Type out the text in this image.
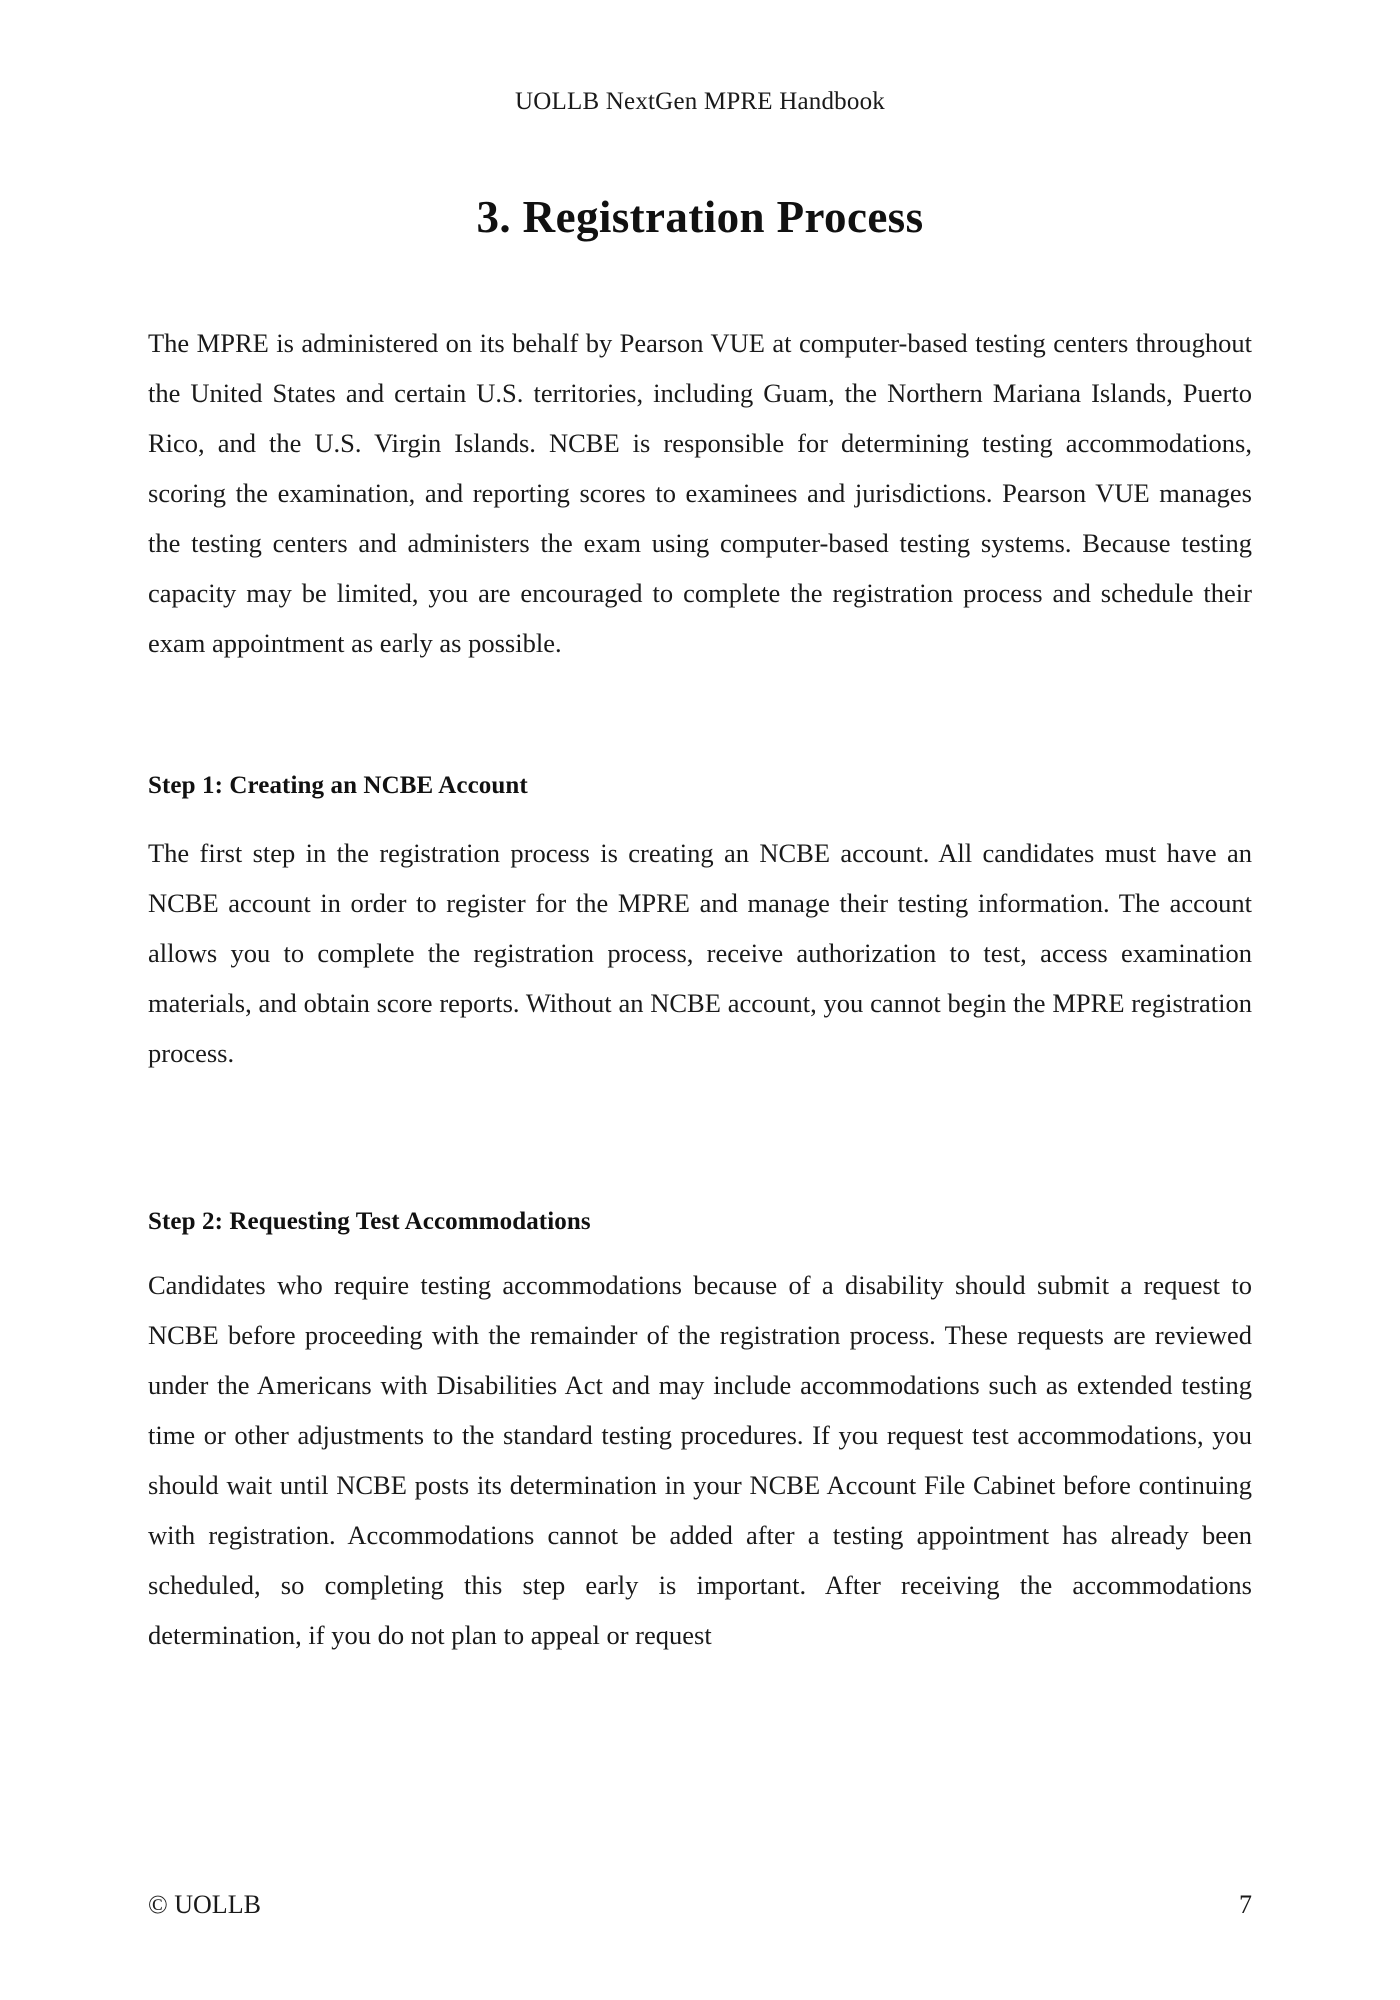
UOLLB NextGen MPRE Handbook
3. Registration Process

The MPRE is administered on its behalf by Pearson VUE at computer-based testing centers throughout the United States and certain U.S. territories, including Guam, the Northern Mariana Islands, Puerto Rico, and the U.S. Virgin Islands. NCBE is responsible for determining testing accommodations, scoring the examination, and reporting scores to examinees and jurisdictions. Pearson VUE manages the testing centers and administers the exam using computer-based testing systems. Because testing capacity may be limited, you are encouraged to complete the registration process and schedule their exam appointment as early as possible.

Step 1: Creating an NCBE Account

The first step in the registration process is creating an NCBE account. All candidates must have an NCBE account in order to register for the MPRE and manage their testing information. The account allows you to complete the registration process, receive authorization to test, access examination materials, and obtain score reports. Without an NCBE account, you cannot begin the MPRE registration process.

Step 2: Requesting Test Accommodations

Candidates who require testing accommodations because of a disability should submit a request to NCBE before proceeding with the remainder of the registration process. These requests are reviewed under the Americans with Disabilities Act and may include accommodations such as extended testing time or other adjustments to the standard testing procedures. If you request test accommodations, you should wait until NCBE posts its determination in your NCBE Account File Cabinet before continuing with registration. Accommodations cannot be added after a testing appointment has already been scheduled, so completing this step early is important. After receiving the accommodations determination, if you do not plan to appeal or request

© UOLLB	7
